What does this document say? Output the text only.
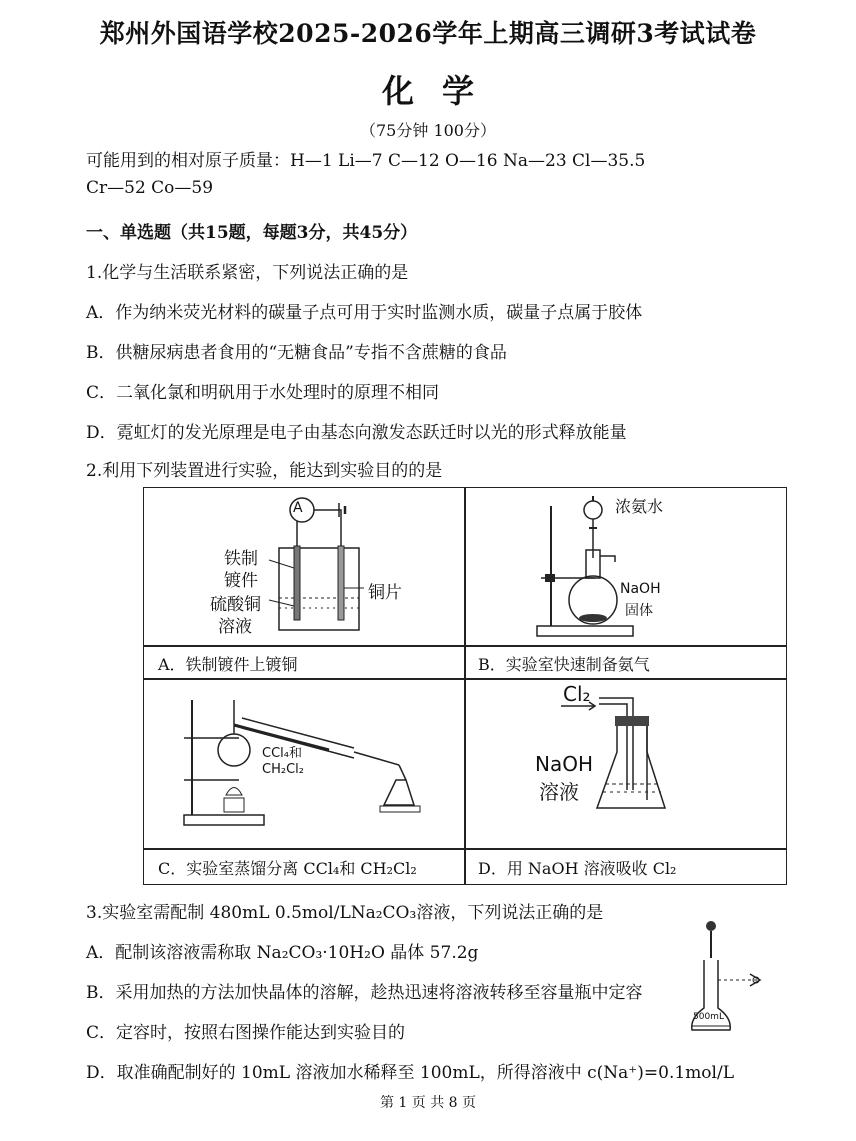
郑州外国语学校2025-2026学年上期高三调研3考试试卷
化学
（75分钟 100分）
可能用到的相对原子质量：H—1 Li—7 C—12 O—16 Na—23 Cl—35.5
Cr—52 Co—59
一、单选题（共15题，每题3分，共45分）
1.化学与生活联系紧密，下列说法正确的是
A．作为纳米荧光材料的碳量子点可用于实时监测水质，碳量子点属于胶体
B．供糖尿病患者食用的“无糖食品”专指不含蔗糖的食品
C．二氧化氯和明矾用于水处理时的原理不相同
D．霓虹灯的发光原理是电子由基态向激发态跃迁时以光的形式释放能量
2.利用下列装置进行实验，能达到实验目的的是
A
铁制
镀件
铜片
硫酸铜
溶液
浓氨水
NaOH
固体
A．铁制镀件上镀铜	B．实验室快速制备氨气
CCl₄和
CH₂Cl₂
Cl₂
NaOH
溶液
C．实验室蒸馏分离 CCl₄和 CH₂Cl₂	D．用 NaOH 溶液吸收 Cl₂
3.实验室需配制 480mL 0.5mol/LNa₂CO₃溶液，下列说法正确的是
A．配制该溶液需称取 Na₂CO₃·10H₂O 晶体 57.2g
B．采用加热的方法加快晶体的溶解，趁热迅速将溶液转移至容量瓶中定容
C．定容时，按照右图操作能达到实验目的
D．取准确配制好的 10mL 溶液加水稀释至 100mL，所得溶液中 c(Na⁺)=0.1mol/L
500mL
第 1 页 共 8 页
